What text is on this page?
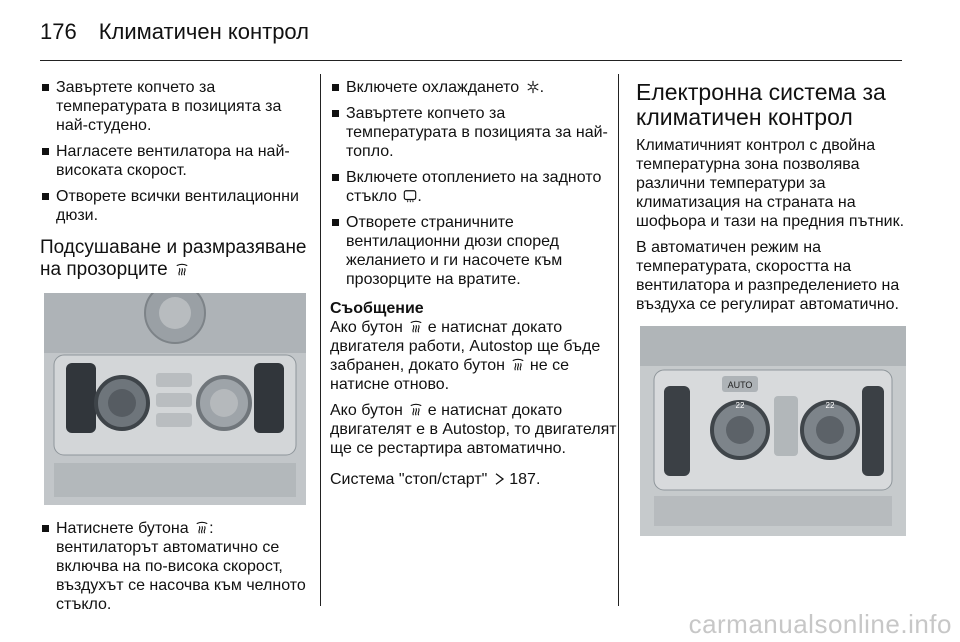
176 Климатичен контрол
Завъртете копчето за температурата в позицията за най-студено.
Нагласете вентилатора на най-високата скорост.
Отворете всички вентилационни дюзи.
Подсушаване и размразяване на прозорците
Натиснете бутона : вентилаторът автоматично се включва на по-висока скорост, въздухът се насочва към челното стъкло.
Включете охлаждането .
Завъртете копчето за температурата в позицията за най-топло.
Включете отоплението на задното стъкло .
Отворете страничните вентилационни дюзи според желанието и ги насочете към прозорците на вратите.
Съобщение

Ако бутон е натиснат докато двигателя работи, Autostop ще бъде забранен, докато бутон не се натисне отново.

Ако бутон е натиснат докато двигателят е в Autostop, то двигателят ще се рестартира автоматично.

Система "стоп/старт" 187.

Електронна система за климатичен контрол

Климатичният контрол с двойна температурна зона позволява различни температури за климатизация на страната на шофьора и тази на предния пътник.

В автоматичен режим на температурата, скоростта на вентилатора и разпределението на въздуха се регулират автоматично.

AUTO
22	22
carmanualsonline.info
